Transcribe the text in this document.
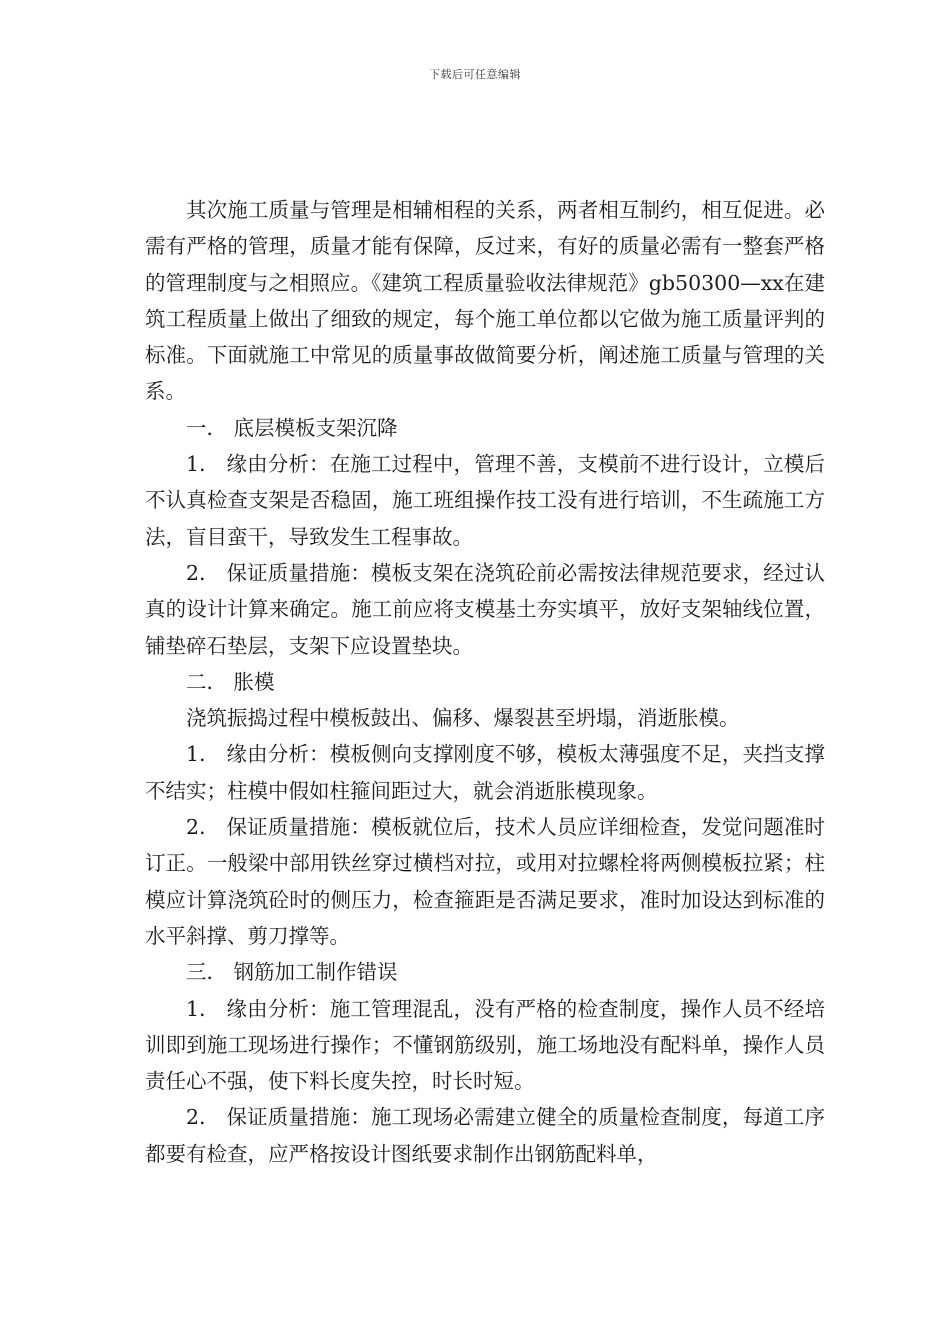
下载后可任意编辑

其次施工质量与管理是相辅相程的关系，两者相互制约，相互促进。必需有严格的管理，质量才能有保障，反过来，有好的质量必需有一整套严格的管理制度与之相照应。《建筑工程质量验收法律规范》gb50300—xx在建筑工程质量上做出了细致的规定，每个施工单位都以它做为施工质量评判的标准。下面就施工中常见的质量事故做简要分析，阐述施工质量与管理的关系。

一． 底层模板支架沉降

1． 缘由分析：在施工过程中，管理不善，支模前不进行设计，立模后不认真检查支架是否稳固，施工班组操作技工没有进行培训，不生疏施工方法，盲目蛮干，导致发生工程事故。

2． 保证质量措施：模板支架在浇筑砼前必需按法律规范要求，经过认真的设计计算来确定。施工前应将支模基土夯实填平，放好支架轴线位置，铺垫碎石垫层，支架下应设置垫块。

二． 胀模

浇筑振捣过程中模板鼓出、偏移、爆裂甚至坍塌，消逝胀模。

1． 缘由分析：模板侧向支撑刚度不够，模板太薄强度不足，夹挡支撑不结实；柱模中假如柱箍间距过大，就会消逝胀模现象。

2． 保证质量措施：模板就位后，技术人员应详细检查，发觉问题准时订正。一般梁中部用铁丝穿过横档对拉，或用对拉螺栓将两侧模板拉紧；柱模应计算浇筑砼时的侧压力，检查箍距是否满足要求，准时加设达到标准的水平斜撑、剪刀撑等。

三． 钢筋加工制作错误

1． 缘由分析：施工管理混乱，没有严格的检查制度，操作人员不经培训即到施工现场进行操作；不懂钢筋级别，施工场地没有配料单，操作人员责任心不强，使下料长度失控，时长时短。

2． 保证质量措施：施工现场必需建立健全的质量检查制度，每道工序都要有检查，应严格按设计图纸要求制作出钢筋配料单，
